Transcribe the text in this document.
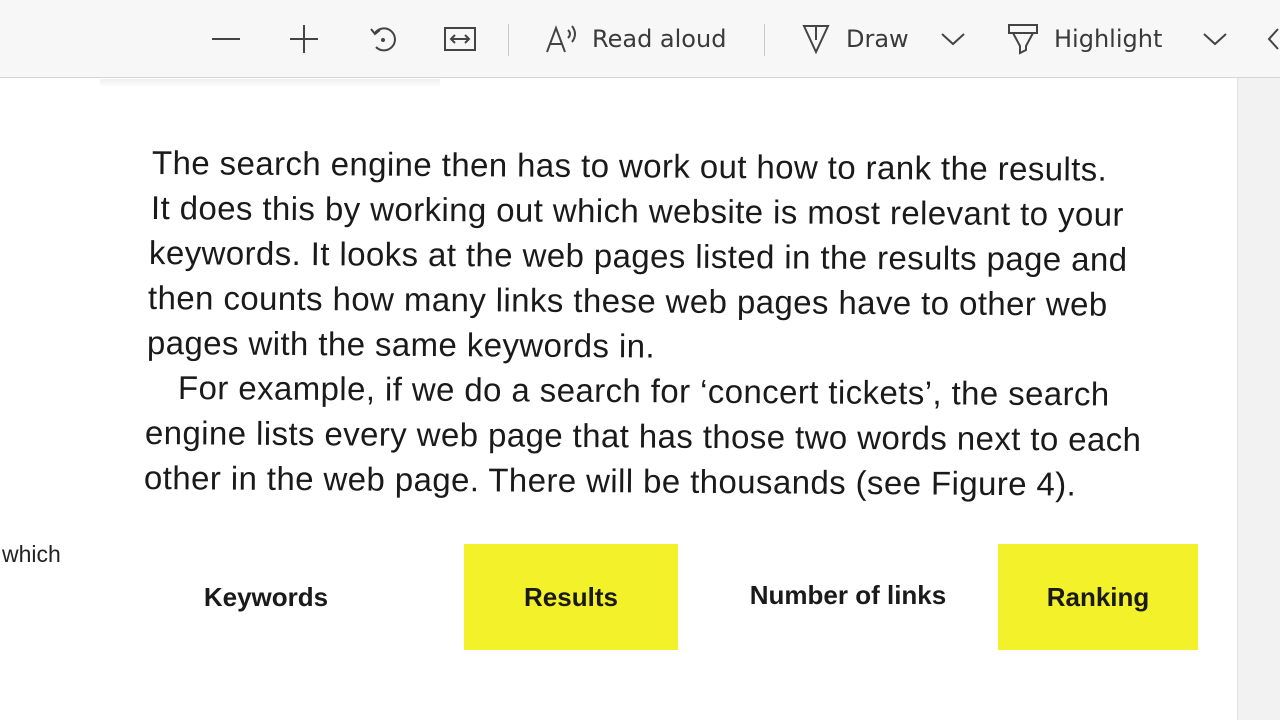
Read aloud	Draw	Highlight
The search engine then has to work out how to rank the results.
It does this by working out which website is most relevant to your
keywords. It looks at the web pages listed in the results page and
then counts how many links these web pages have to other web
pages with the same keywords in.
For example, if we do a search for ‘concert tickets’, the search
engine lists every web page that has those two words next to each
other in the web page. There will be thousands (see Figure 4).
which
Keywords	Results	Number of links	Ranking
